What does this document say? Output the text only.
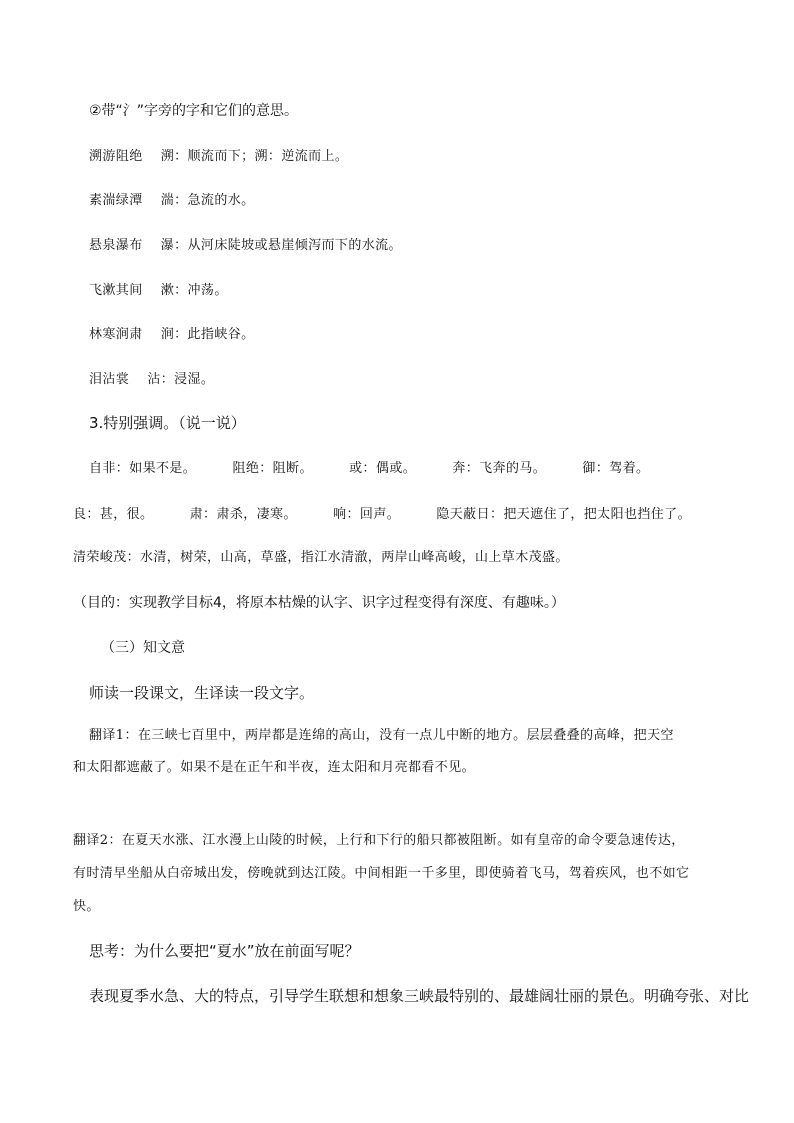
②带“氵”字旁的字和它们的意思。
溯游阻绝    溯：顺流而下；溯：逆流而上。
素湍绿潭    湍：急流的水。
悬泉瀑布    瀑：从河床陡坡或悬崖倾泻而下的水流。
飞漱其间    漱：冲荡。
林寒涧肃    涧：此指峡谷。
泪沾裳    沾：浸湿。
3.特别强调。（说一说）
自非：如果不是。        阻绝：阻断。        或：偶或。        奔：飞奔的马。        御：驾着。
良：甚，很。        肃：肃杀，凄寒。        响：回声。        隐天蔽日：把天遮住了，把太阳也挡住了。
清荣峻茂：水清，树荣，山高，草盛，指江水清澈，两岸山峰高峻，山上草木茂盛。
（目的：实现教学目标4，将原本枯燥的认字、识字过程变得有深度、有趣味。）
（三）知文意
师读一段课文，生译读一段文字。
翻译1：在三峡七百里中，两岸都是连绵的高山，没有一点儿中断的地方。层层叠叠的高峰，把天空
和太阳都遮蔽了。如果不是在正午和半夜，连太阳和月亮都看不见。
翻译2：在夏天水涨、江水漫上山陵的时候，上行和下行的船只都被阻断。如有皇帝的命令要急速传达，
有时清早坐船从白帝城出发，傍晚就到达江陵。中间相距一千多里，即使骑着飞马，驾着疾风，也不如它
快。
思考：为什么要把“夏水”放在前面写呢？
表现夏季水急、大的特点，引导学生联想和想象三峡最特别的、最雄阔壮丽的景色。明确夸张、对比
